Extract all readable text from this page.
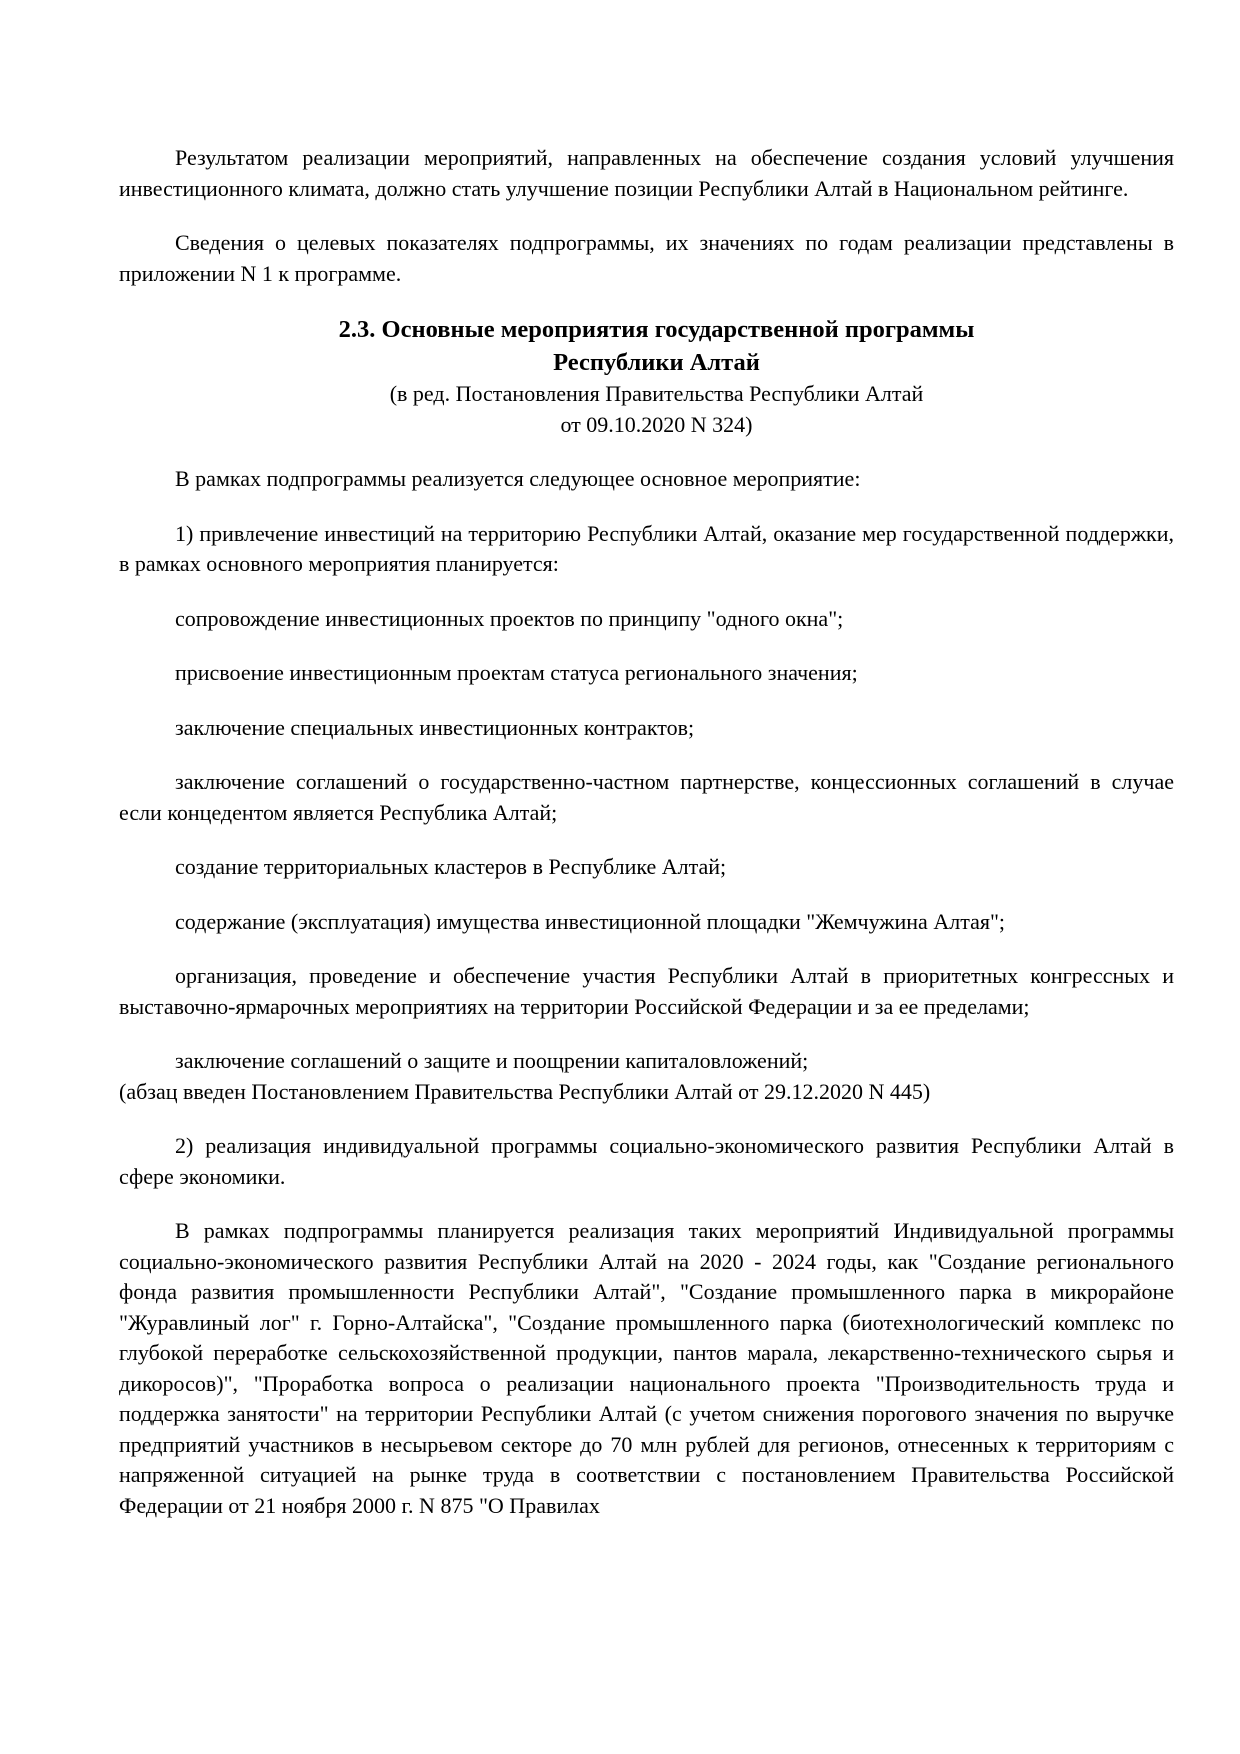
Результатом реализации мероприятий, направленных на обеспечение создания условий улучшения инвестиционного климата, должно стать улучшение позиции Республики Алтай в Национальном рейтинге.

Сведения о целевых показателях подпрограммы, их значениях по годам реализации представлены в приложении N 1 к программе.

2.3. Основные мероприятия государственной программы
Республики Алтай
(в ред. Постановления Правительства Республики Алтай
от 09.10.2020 N 324)

В рамках подпрограммы реализуется следующее основное мероприятие:

1) привлечение инвестиций на территорию Республики Алтай, оказание мер государственной поддержки, в рамках основного мероприятия планируется:

сопровождение инвестиционных проектов по принципу "одного окна";

присвоение инвестиционным проектам статуса регионального значения;

заключение специальных инвестиционных контрактов;

заключение соглашений о государственно-частном партнерстве, концессионных соглашений в случае если концедентом является Республика Алтай;

создание территориальных кластеров в Республике Алтай;

содержание (эксплуатация) имущества инвестиционной площадки "Жемчужина Алтая";

организация, проведение и обеспечение участия Республики Алтай в приоритетных конгрессных и выставочно-ярмарочных мероприятиях на территории Российской Федерации и за ее пределами;

заключение соглашений о защите и поощрении капиталовложений;

(абзац введен Постановлением Правительства Республики Алтай от 29.12.2020 N 445)

2) реализация индивидуальной программы социально-экономического развития Республики Алтай в сфере экономики.

В рамках подпрограммы планируется реализация таких мероприятий Индивидуальной программы социально-экономического развития Республики Алтай на 2020 - 2024 годы, как "Создание регионального фонда развития промышленности Республики Алтай", "Создание промышленного парка в микрорайоне "Журавлиный лог" г. Горно-Алтайска", "Создание промышленного парка (биотехнологический комплекс по глубокой переработке сельскохозяйственной продукции, пантов марала, лекарственно-технического сырья и дикоросов)", "Проработка вопроса о реализации национального проекта "Производительность труда и поддержка занятости" на территории Республики Алтай (с учетом снижения порогового значения по выручке предприятий участников в несырьевом секторе до 70 млн рублей для регионов, отнесенных к территориям с напряженной ситуацией на рынке труда в соответствии с постановлением Правительства Российской Федерации от 21 ноября 2000 г. N 875 "О Правилах
